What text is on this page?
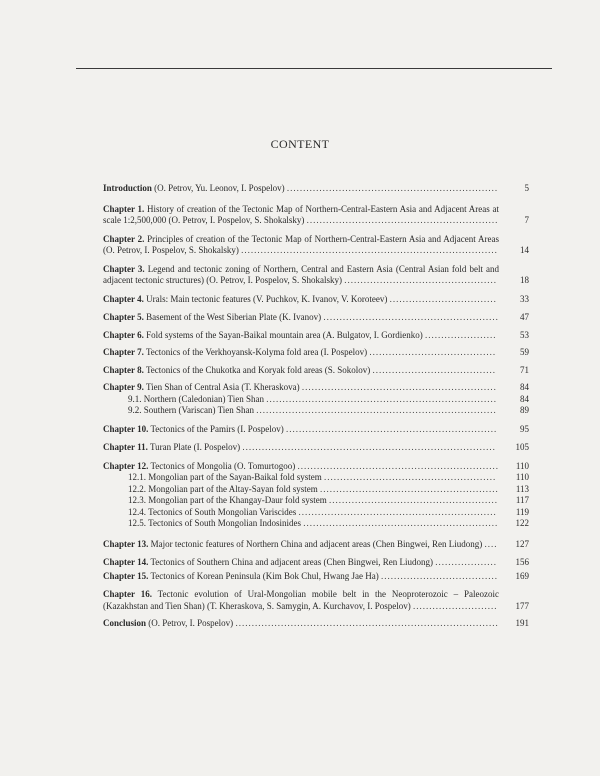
CONTENT
Introduction (O. Petrov, Yu. Leonov, I. Pospelov) .................................................................	5
Chapter 1. History of creation of the Tectonic Map of Northern-Central-Eastern Asia and Adjacent Areas at scale 1:2,500,000 (O. Petrov, I. Pospelov, S. Shokalsky) ...........................................................	7
Chapter 2. Principles of creation of the Tectonic Map of Northern-Central-Eastern Asia and Adjacent Areas (O. Petrov, I. Pospelov, S. Shokalsky) ...............................................................................	14
Chapter 3. Legend and tectonic zoning of Northern, Central and Eastern Asia (Central Asian fold belt and adjacent tectonic structures) (O. Petrov, I. Pospelov, S. Shokalsky) ...............................................	18
Chapter 4. Urals: Main tectonic features (V. Puchkov, K. Ivanov, V. Koroteev) .................................	33
Chapter 5. Basement of the West Siberian Plate (K. Ivanov) ......................................................	47
Chapter 6. Fold systems of the Sayan-Baikal mountain area (A. Bulgatov, I. Gordienko) ......................	53
Chapter 7. Tectonics of the Verkhoyansk-Kolyma fold area (I. Pospelov) .......................................	59
Chapter 8. Tectonics of the Chukotka and Koryak fold areas (S. Sokolov) ......................................	71
Chapter 9. Tien Shan of Central Asia (T. Kheraskova) ............................................................	84
9.1. Northern (Caledonian) Tien Shan .......................................................................	84
9.2. Southern (Variscan) Tien Shan ..........................................................................	89
Chapter 10. Tectonics of the Pamirs (I. Pospelov) .................................................................	95
Chapter 11. Turan Plate (I. Pospelov) ..............................................................................	105
Chapter 12. Tectonics of Mongolia (O. Tomurtogoo) ..............................................................	110
12.1. Mongolian part of the Sayan-Baikal fold system .....................................................	110
12.2. Mongolian part of the Altay-Sayan fold system .......................................................	113
12.3. Mongolian part of the Khangay-Daur fold system ....................................................	117
12.4. Tectonics of South Mongolian Variscides .............................................................	119
12.5. Tectonics of South Mongolian Indosinides ............................................................	122
Chapter 13. Major tectonic features of Northern China and adjacent areas (Chen Bingwei, Ren Liudong) ....	127
Chapter 14. Tectonics of Southern China and adjacent areas (Chen Bingwei, Ren Liudong) ...................	156
Chapter 15. Tectonics of Korean Peninsula (Kim Bok Chul, Hwang Jae Ha) ....................................	169
Chapter 16. Tectonic evolution of Ural-Mongolian mobile belt in the Neoproterozoic – Paleozoic (Kazakhstan and Tien Shan) (T. Kheraskova, S. Samygin, A. Kurchavov, I. Pospelov) ..........................	177
Conclusion (O. Petrov, I. Pospelov) .................................................................................	191
